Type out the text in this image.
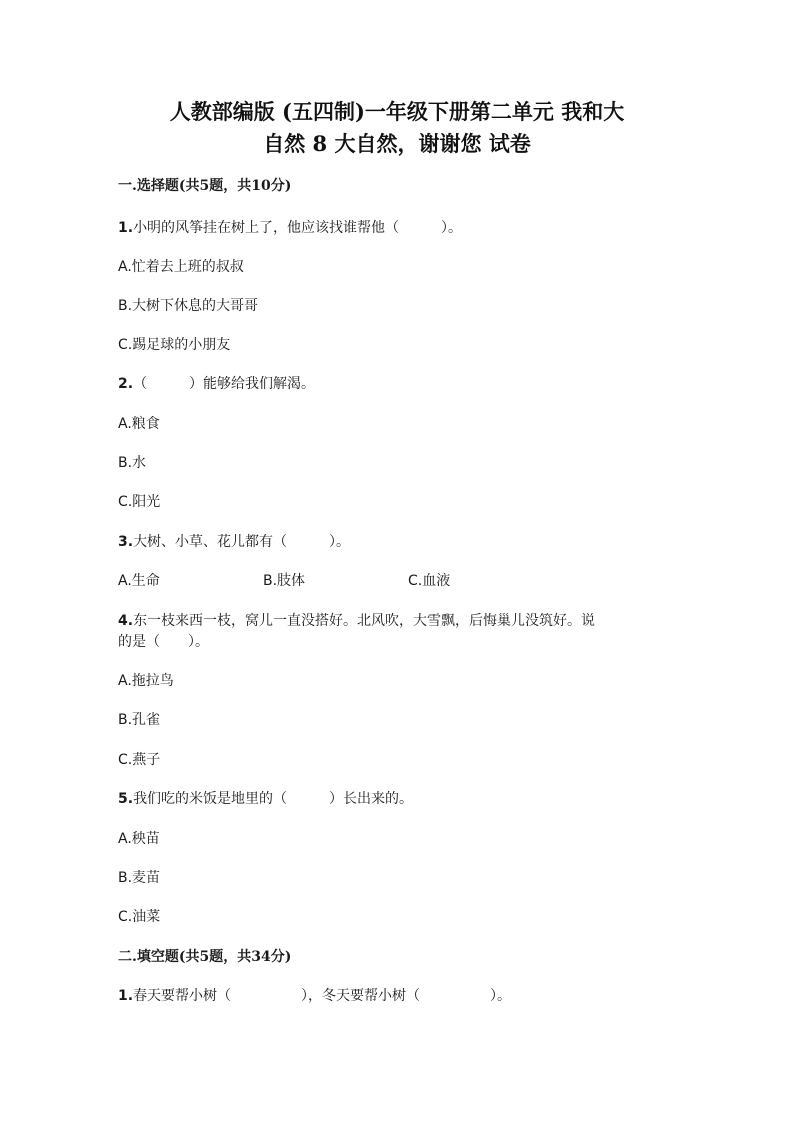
人教部编版 (五四制)一年级下册第二单元 我和大
自然 8 大自然，谢谢您 试卷
一.选择题(共5题，共10分)
1.小明的风筝挂在树上了，他应该找谁帮他（　　　）。
A.忙着去上班的叔叔
B.大树下休息的大哥哥
C.踢足球的小朋友
2.（　　　）能够给我们解渴。
A.粮食
B.水
C.阳光
3.大树、小草、花儿都有（　　　）。
A.生命	B.肢体	C.血液
4.东一枝来西一枝，窝儿一直没搭好。北风吹，大雪飘，后悔巢儿没筑好。说
的是（　　）。
A.拖拉鸟
B.孔雀
C.燕子
5.我们吃的米饭是地里的（　　　）长出来的。
A.秧苗
B.麦苗
C.油菜
二.填空题(共5题，共34分)
1.春天要帮小树（　　　　　），冬天要帮小树（　　　　　）。
